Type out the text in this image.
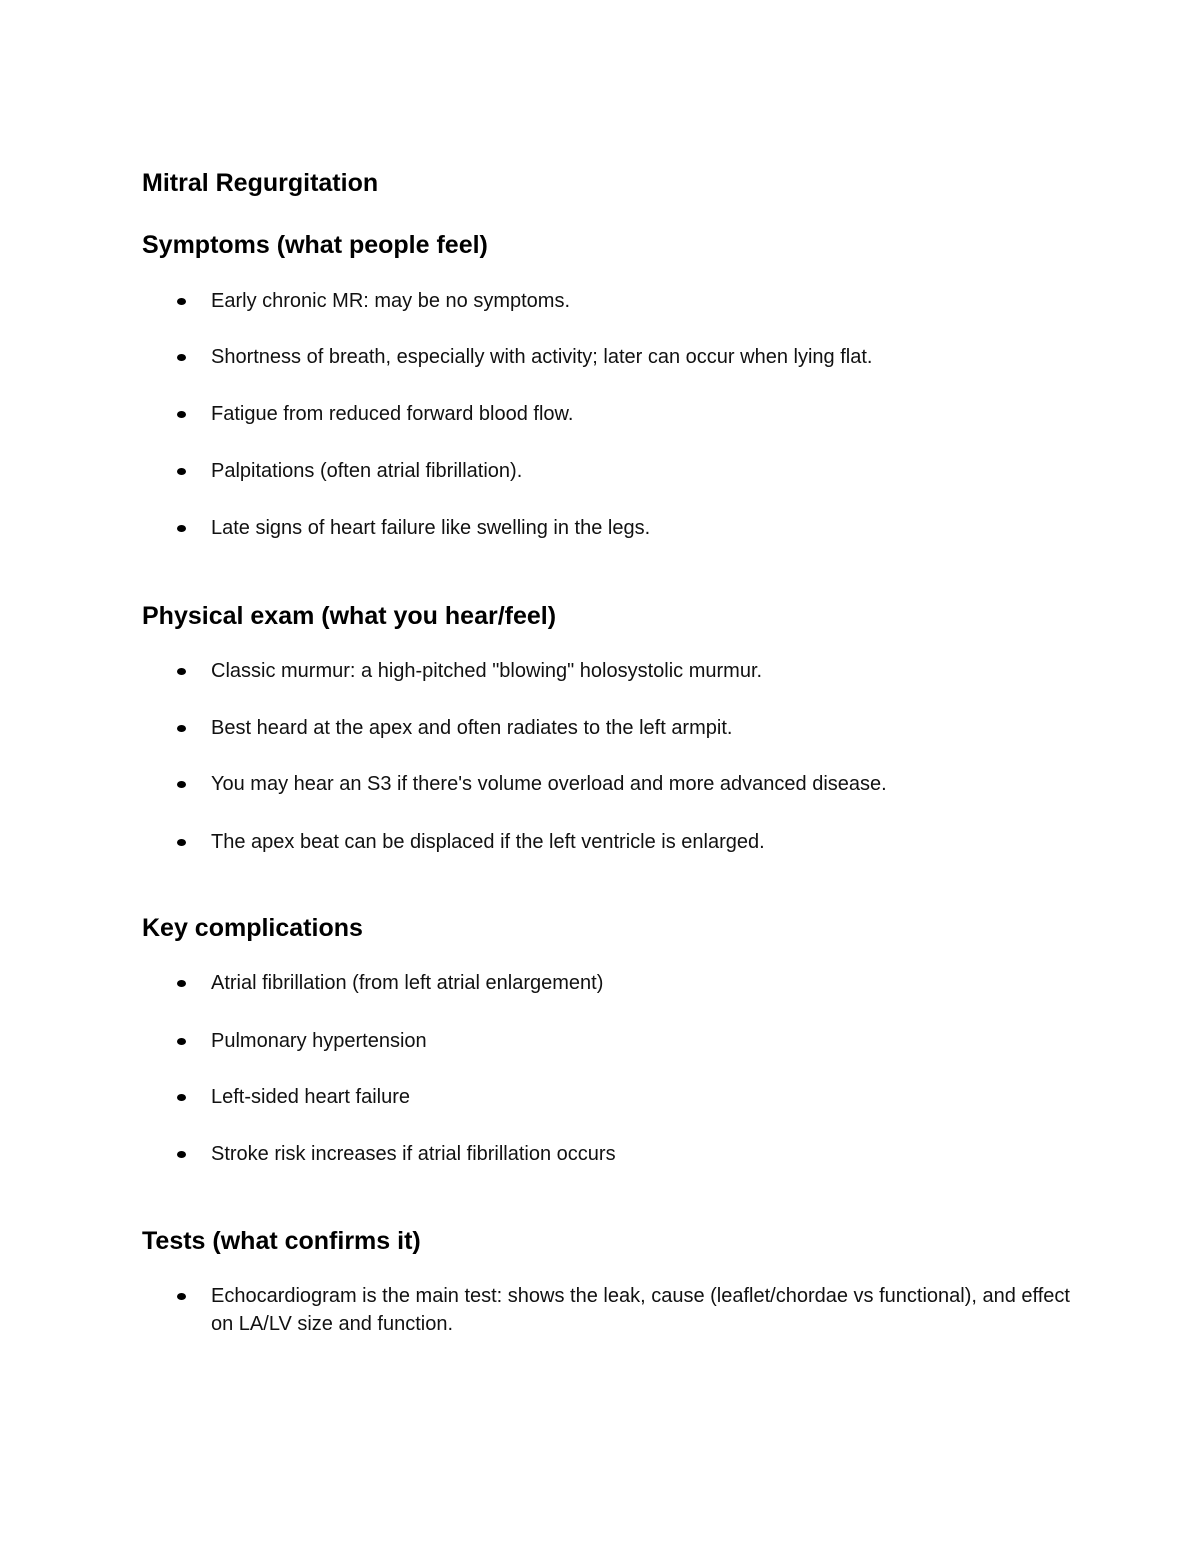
Mitral Regurgitation
Symptoms (what people feel)
Early chronic MR: may be no symptoms.
Shortness of breath, especially with activity; later can occur when lying flat.
Fatigue from reduced forward blood flow.
Palpitations (often atrial fibrillation).
Late signs of heart failure like swelling in the legs.
Physical exam (what you hear/feel)
Classic murmur: a high-pitched "blowing" holosystolic murmur.
Best heard at the apex and often radiates to the left armpit.
You may hear an S3 if there's volume overload and more advanced disease.
The apex beat can be displaced if the left ventricle is enlarged.
Key complications
Atrial fibrillation (from left atrial enlargement)
Pulmonary hypertension
Left-sided heart failure
Stroke risk increases if atrial fibrillation occurs
Tests (what confirms it)
Echocardiogram is the main test: shows the leak, cause (leaflet/chordae vs functional), and effect on LA/LV size and function.
